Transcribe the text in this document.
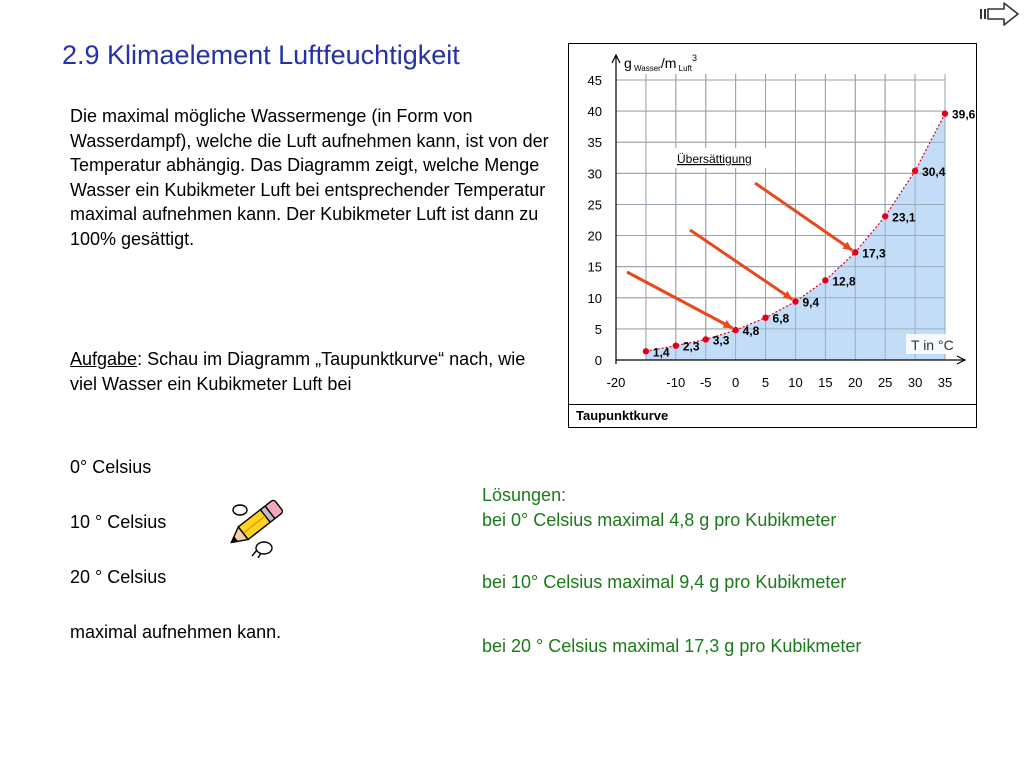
2.9 Klimaelement Luftfeuchtigkeit

Die maximal mögliche Wassermenge (in Form von Wasserdampf), welche die Luft aufnehmen kann, ist von der Temperatur abhängig. Das Diagramm zeigt, welche Menge Wasser ein Kubikmeter Luft bei entsprechender Temperatur maximal aufnehmen kann. Der Kubikmeter Luft ist dann zu 100% gesättigt.

Aufgabe: Schau im Diagramm „Taupunktkurve“ nach, wie viel Wasser ein Kubikmeter Luft bei
0° Celsius
10 ° Celsius
20 ° Celsius
maximal aufnehmen kann.
Lösungen:
bei 0° Celsius maximal 4,8 g pro Kubikmeter
bei 10° Celsius maximal 9,4 g pro Kubikmeter
bei 20 ° Celsius maximal 17,3 g pro Kubikmeter
1,4 2,3 3,3
4,8
6,8
9,4
12,8
17,3
23,1
30,4
39,6
0
5
10
15
20
25
30
35
40
45
-20	-10 -5 0 5 10 15 20 25 30 35
g $_{Wasser}$/m $_{Luft}^3$
T in °C
Übersättigung
Taupunktkurve
